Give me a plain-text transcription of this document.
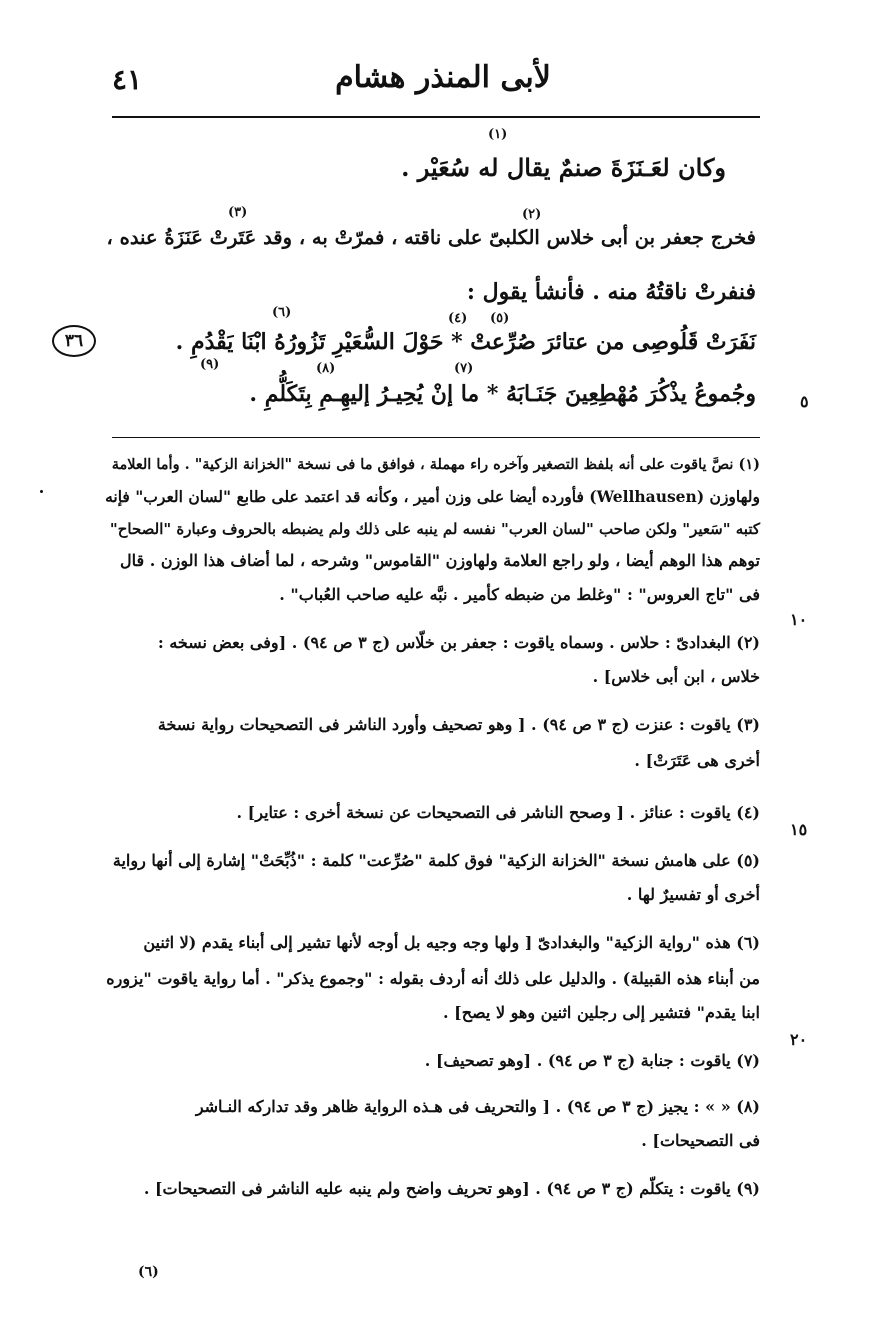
لأبى المنذر هشام
٤١
(١)
(٢)
(٣)
(٤) (٥)
(٦)
(٧)
(٨)
(٩)
وكان لعَـنَزَةَ صنمٌ يقال له سُعَيْر .
فخرج جعفر بن أبى خلاس الكلبىّ على ناقته ، فمرّتْ به ، وقد عَتَرتْ عَنَزَةُ عنده ،
فنفرتْ ناقتُهُ منه . فأنشأ يقول :
نَفَرَتْ قَلُوصِى من عتائرَ صُرِّعتْ * حَوْلَ السُّعَيْرِ تَزُورُهُ ابْنَا يَقْدُمِ .
وجُموعُ يذْكُرَ مُهْطِعِينَ جَنَـابَهُ * ما إنْ يُحِيـرُ إليهِـمِ بِتَكَلُّمِ .
٣٦
٥
١٠
١٥
٢٠
(١) نصَّ ياقوت على أنه بلفظ التصغير وآخره راء مهملة ، فوافق ما فى نسخة "الخزانة الزكية" . وأما العلامة
ولهاوزن (Wellhausen) فأورده أيضا على وزن أمير ، وكأنه قد اعتمد على طابع "لسان العرب" فإنه
كتبه "سَعير" ولكن صاحب "لسان العرب" نفسه لم ينبه على ذلك ولم يضبطه بالحروف وعبارة "الصحاح"
توهم هذا الوهم أيضا ، ولو راجع العلامة ولهاوزن "القاموس" وشرحه ، لما أضاف هذا الوزن . قال
فى "تاج العروس" : "وغلط من ضبطه كأمير . نبَّه عليه صاحب العُباب" .
(٢) البغدادىّ : حلاس . وسماه ياقوت : جعفر بن خلّاس (ج ٣ ص ٩٤) . [وفى بعض نسخه :
خلاس ، ابن أبى خلاس] .
(٣) ياقوت : عنزت (ج ٣ ص ٩٤) . [ وهو تصحيف وأورد الناشر فى التصحيحات رواية نسخة
أخرى هى عَتَرَتْ] .
(٤) ياقوت : عنائز . [ وصحح الناشر فى التصحيحات عن نسخة أخرى : عتاير] .
(٥) على هامش نسخة "الخزانة الزكية" فوق كلمة "صُرِّعت" كلمة : "ذُبِّحَتْ" إشارة إلى أنها رواية
أخرى أو تفسيرٌ لها .
(٦) هذه "رواية الزكية" والبغدادىّ [ ولها وجه وجيه بل أوجه لأنها تشير إلى أبناء يقدم (لا اثنين
من أبناء هذه القبيلة) . والدليل على ذلك أنه أردف بقوله : "وجموع يذكر" . أما رواية ياقوت "يزوره
ابنا يقدم" فتشير إلى رجلين اثنين وهو لا يصح] .
(٧) ياقوت : جنابة (ج ٣ ص ٩٤) . [وهو تصحيف] .
(٨) « » : يجيز (ج ٣ ص ٩٤) . [ والتحريف فى هـذه الرواية ظاهر وقد تداركه النـاشر
فى التصحيحات] .
(٩) ياقوت : يتكلّم (ج ٣ ص ٩٤) . [وهو تحريف واضح ولم ينبه عليه الناشر فى التصحيحات] .
(٦)
